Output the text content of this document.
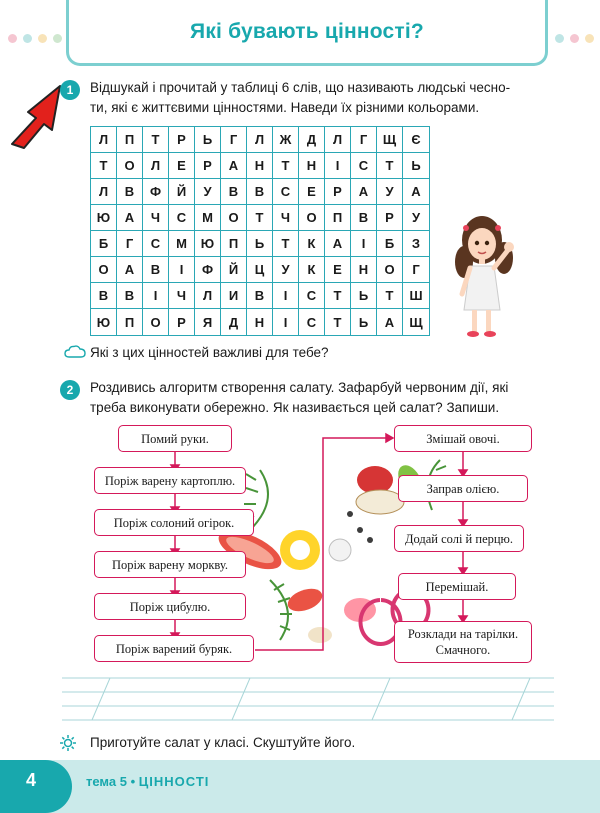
Які бувають цінності?
1	Відшукай і прочитай у таблиці 6 слів, що називають людські чесно-
ти, які є життєвими цінностями. Наведи їх різними кольорами.
Л	П	Т	Р	Ь	Г	Л	Ж	Д	Л	Г	Щ	Є
Т	О	Л	Е	Р	А	Н	Т	Н	І	С	Т	Ь
Л	В	Ф	Й	У	В	В	С	Е	Р	А	У	А
Ю	А	Ч	С	М	О	Т	Ч	О	П	В	Р	У
Б	Г	С	М	Ю	П	Ь	Т	К	А	І	Б	З
О	А	В	І	Ф	Й	Ц	У	К	Е	Н	О	Г
В	В	І	Ч	Л	И	В	І	С	Т	Ь	Т	Ш
Ю	П	О	Р	Я	Д	Н	І	С	Т	Ь	А	Щ
Які з цих цінностей важливі для тебе?
2	Роздивись алгоритм створення салату. Зафарбуй червоним дії, які
треба виконувати обережно. Як називається цей салат? Запиши.
Помий руки.
Поріж варену картоплю.
Поріж солоний огірок.
Поріж варену моркву.
Поріж цибулю.
Поріж варений буряк.
Змішай овочі.
Заправ олією.
Додай солі й перцю.
Перемішай.
Розклади на тарілки.
Смачного.
Приготуйте салат у класі. Скуштуйте його.
4	тема 5 • ЦІННОСТІ
